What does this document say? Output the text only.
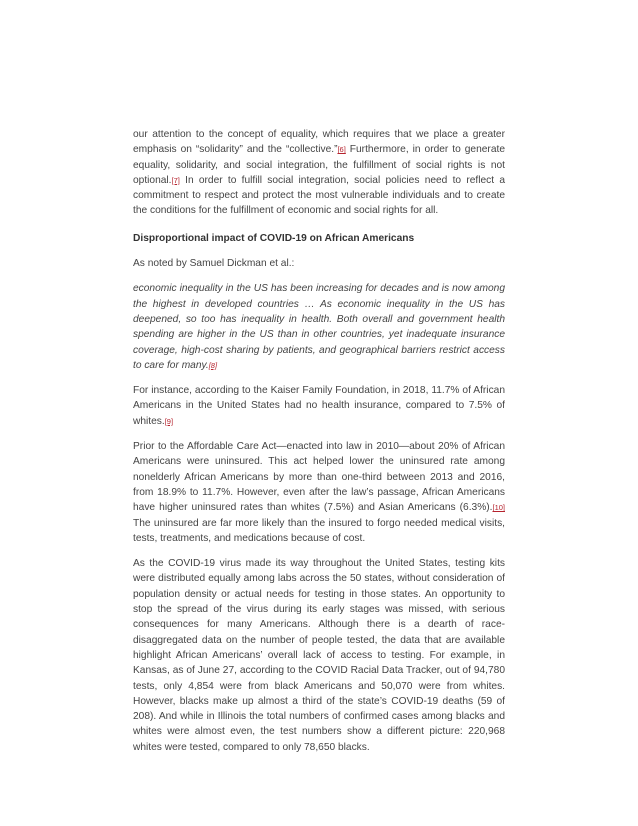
our attention to the concept of equality, which requires that we place a greater emphasis on “solidarity” and the “collective.”[6] Furthermore, in order to generate equality, solidarity, and social integration, the fulfillment of social rights is not optional.[7] In order to fulfill social integration, social policies need to reflect a commitment to respect and protect the most vulnerable individuals and to create the conditions for the fulfillment of economic and social rights for all.

Disproportional impact of COVID-19 on African Americans

As noted by Samuel Dickman et al.:

economic inequality in the US has been increasing for decades and is now among the highest in developed countries … As economic inequality in the US has deepened, so too has inequality in health. Both overall and government health spending are higher in the US than in other countries, yet inadequate insurance coverage, high-cost sharing by patients, and geographical barriers restrict access to care for many.[8]

For instance, according to the Kaiser Family Foundation, in 2018, 11.7% of African Americans in the United States had no health insurance, compared to 7.5% of whites.[9]

Prior to the Affordable Care Act—enacted into law in 2010—about 20% of African Americans were uninsured. This act helped lower the uninsured rate among nonelderly African Americans by more than one-third between 2013 and 2016, from 18.9% to 11.7%. However, even after the law’s passage, African Americans have higher uninsured rates than whites (7.5%) and Asian Americans (6.3%).[10] The uninsured are far more likely than the insured to forgo needed medical visits, tests, treatments, and medications because of cost.

As the COVID-19 virus made its way throughout the United States, testing kits were distributed equally among labs across the 50 states, without consideration of population density or actual needs for testing in those states. An opportunity to stop the spread of the virus during its early stages was missed, with serious consequences for many Americans. Although there is a dearth of race-disaggregated data on the number of people tested, the data that are available highlight African Americans’ overall lack of access to testing. For example, in Kansas, as of June 27, according to the COVID Racial Data Tracker, out of 94,780 tests, only 4,854 were from black Americans and 50,070 were from whites. However, blacks make up almost a third of the state’s COVID-19 deaths (59 of 208). And while in Illinois the total numbers of confirmed cases among blacks and whites were almost even, the test numbers show a different picture: 220,968 whites were tested, compared to only 78,650 blacks.
